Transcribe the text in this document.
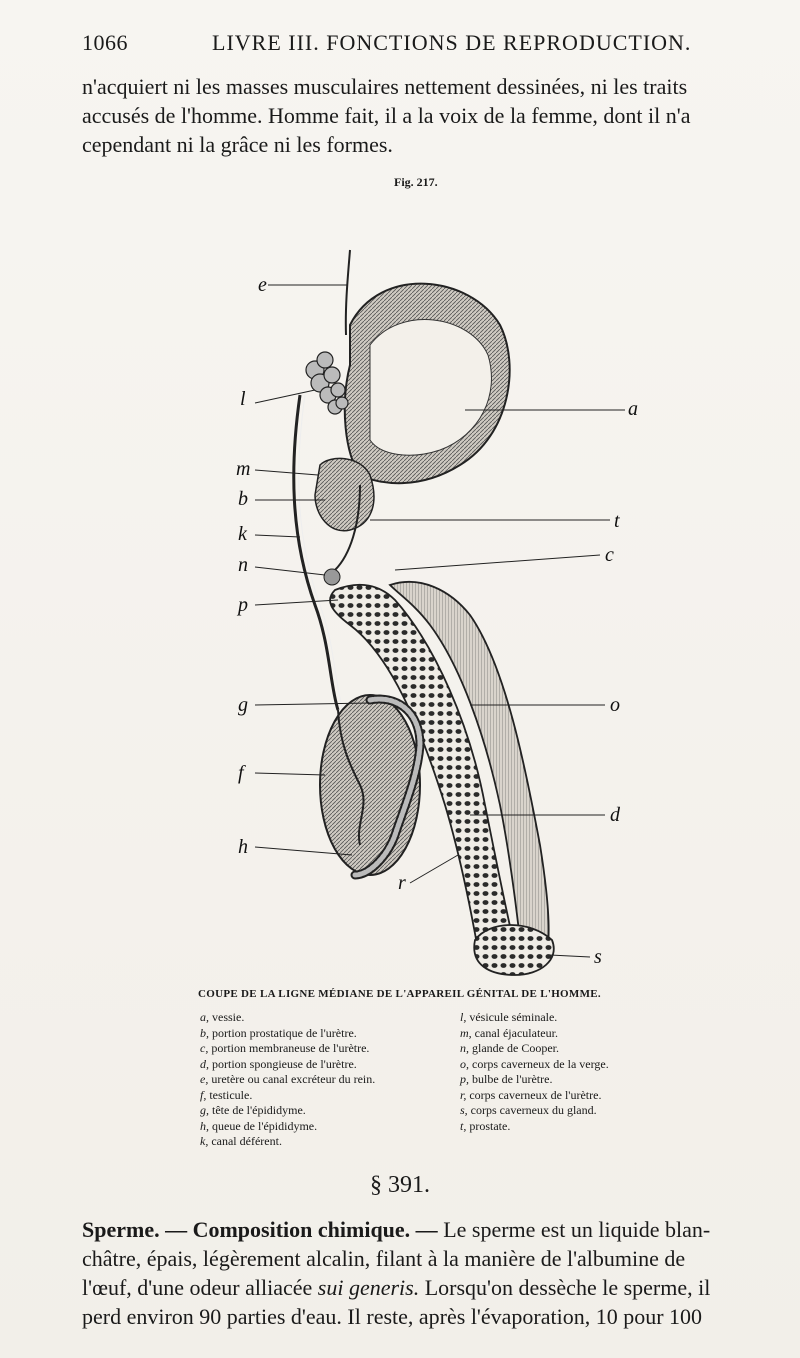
1066	LIVRE III. FONCTIONS DE REPRODUCTION.
n'acquiert ni les masses musculaires nettement dessinées, ni les traits
accusés de l'homme. Homme fait, il a la voix de la femme, dont il n'a
cependant ni la grâce ni les formes.
Fig. 217.
e
l	a
m
b
t
k
n	c
p
g	o
f
d
h
r
s
COUPE DE LA LIGNE MÉDIANE DE L'APPAREIL GÉNITAL DE L'HOMME.
a, vessie.
b, portion prostatique de l'urètre.
c, portion membraneuse de l'urètre.
d, portion spongieuse de l'urètre.
e, uretère ou canal excréteur du rein.
f, testicule.
g, tête de l'épididyme.
h, queue de l'épididyme.
k, canal déférent.
l, vésicule séminale.
m, canal éjaculateur.
n, glande de Cooper.
o, corps caverneux de la verge.
p, bulbe de l'urètre.
r, corps caverneux de l'urètre.
s, corps caverneux du gland.
t, prostate.
§ 391.
Sperme. — Composition chimique. — Le sperme est un liquide blan-
châtre, épais, légèrement alcalin, filant à la manière de l'albumine de
l'œuf, d'une odeur alliacée sui generis. Lorsqu'on dessèche le sperme, il
perd environ 90 parties d'eau. Il reste, après l'évaporation, 10 pour 100
